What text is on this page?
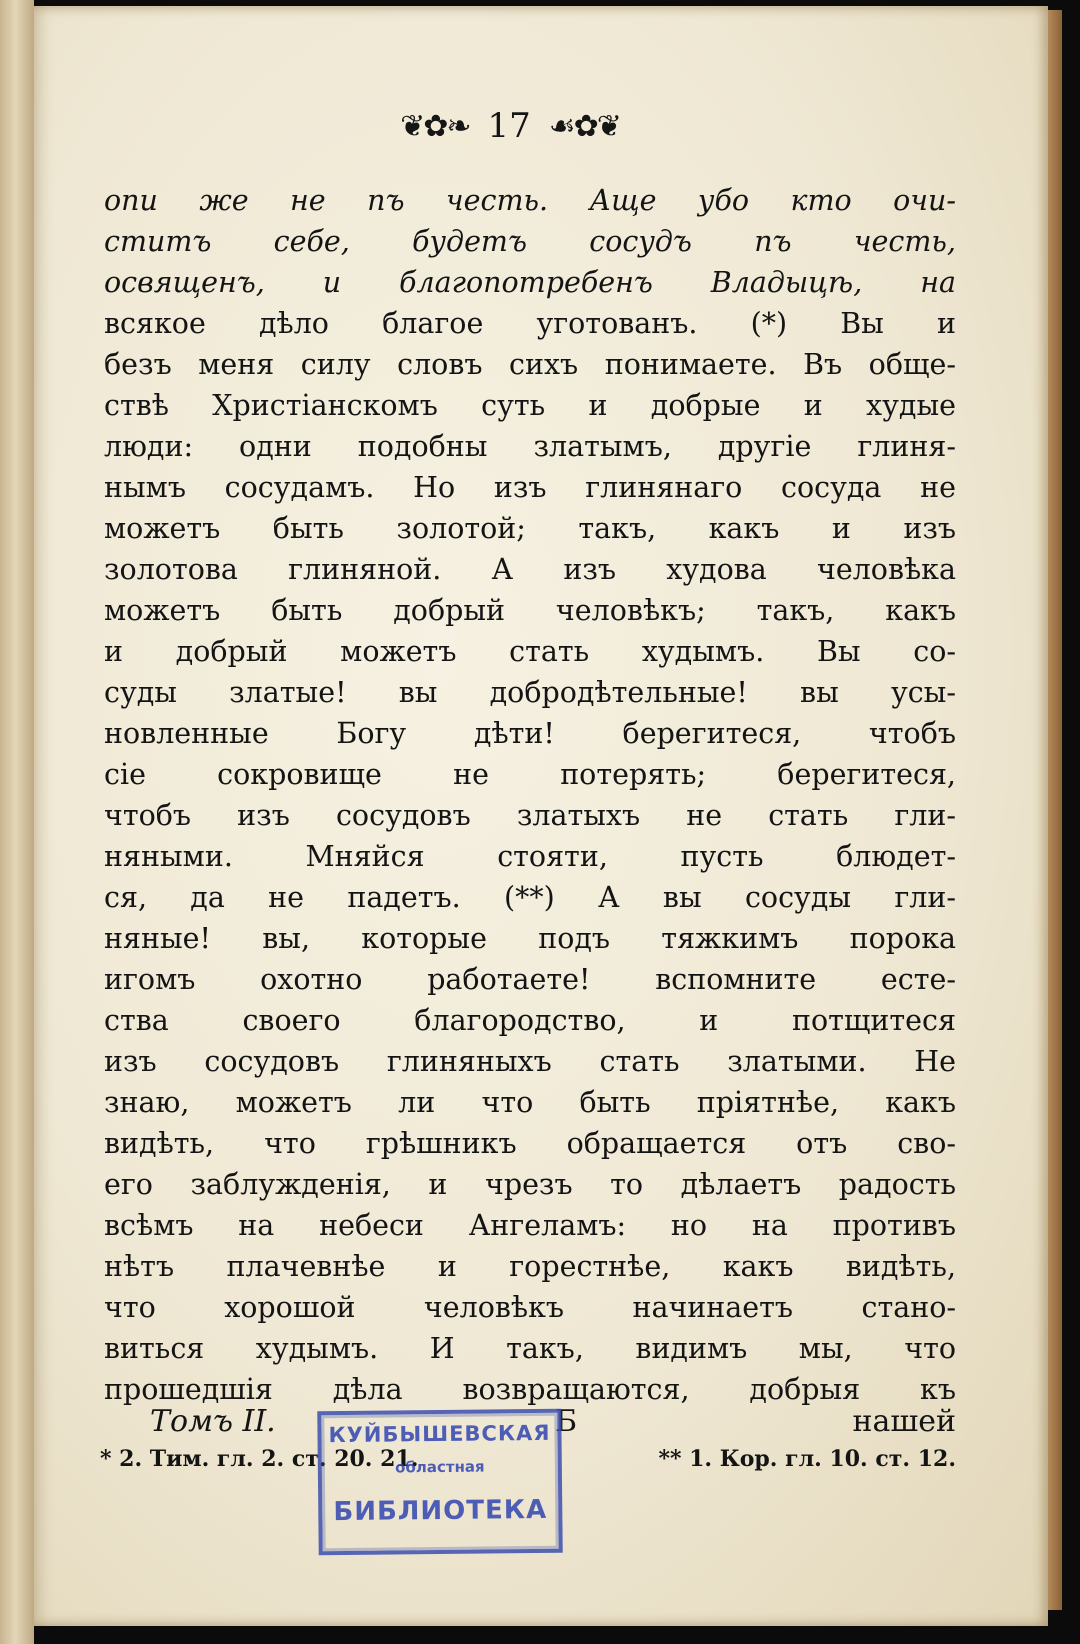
❦✿❧ 17 ☙✿❦
опи же не пъ честь. Аще убо кто очи-
ститъ себе, будетъ сосудъ пъ честь,
освященъ, и благопотребенъ Владыцѣ, на
всякое дѣло благое уготованъ. (*) Вы и
безъ меня силу словъ сихъ понимаете. Въ обще-
ствѣ Христіанскомъ суть и добрые и худые
люди: одни подобны златымъ, другіе глиня-
нымъ сосудамъ. Но изъ глинянаго сосуда не
можетъ быть золотой; такъ, какъ и изъ
золотова глиняной. А изъ худова человѣка
можетъ быть добрый человѣкъ; такъ, какъ
и добрый можетъ стать худымъ. Вы со-
суды златые! вы добродѣтельные! вы усы-
новленные Богу дѣти! берегитеся, чтобъ
сіе сокровище не потерять; берегитеся,
чтобъ изъ сосудовъ златыхъ не стать гли-
няными. Мняйся стояти, пусть блюдет-
ся, да не падетъ. (**) А вы сосуды гли-
няные! вы, которые подъ тяжкимъ порока
игомъ охотно работаете! вспомните есте-
ства своего благородство, и потщитеся
изъ сосудовъ глиняныхъ стать златыми. Не
знаю, можетъ ли что быть пріятнѣе, какъ
видѣть, что грѣшникъ обращается отъ сво-
его заблужденія, и чрезъ то дѣлаетъ радость
всѣмъ на небеси Ангеламъ: но на противъ
нѣтъ плачевнѣе и горестнѣе, какъ видѣть,
что хорошой человѣкъ начинаетъ стано-
виться худымъ. И такъ, видимъ мы, что
прошедшія дѣла возвращаются, добрыя къ
Томъ II.	Б	нашей
* 2. Тим. гл. 2. ст. 20. 21.	** 1. Кор. гл. 10. ст. 12.
КУЙБЫШЕВСКАЯ
областная
БИБЛИОТЕКА
